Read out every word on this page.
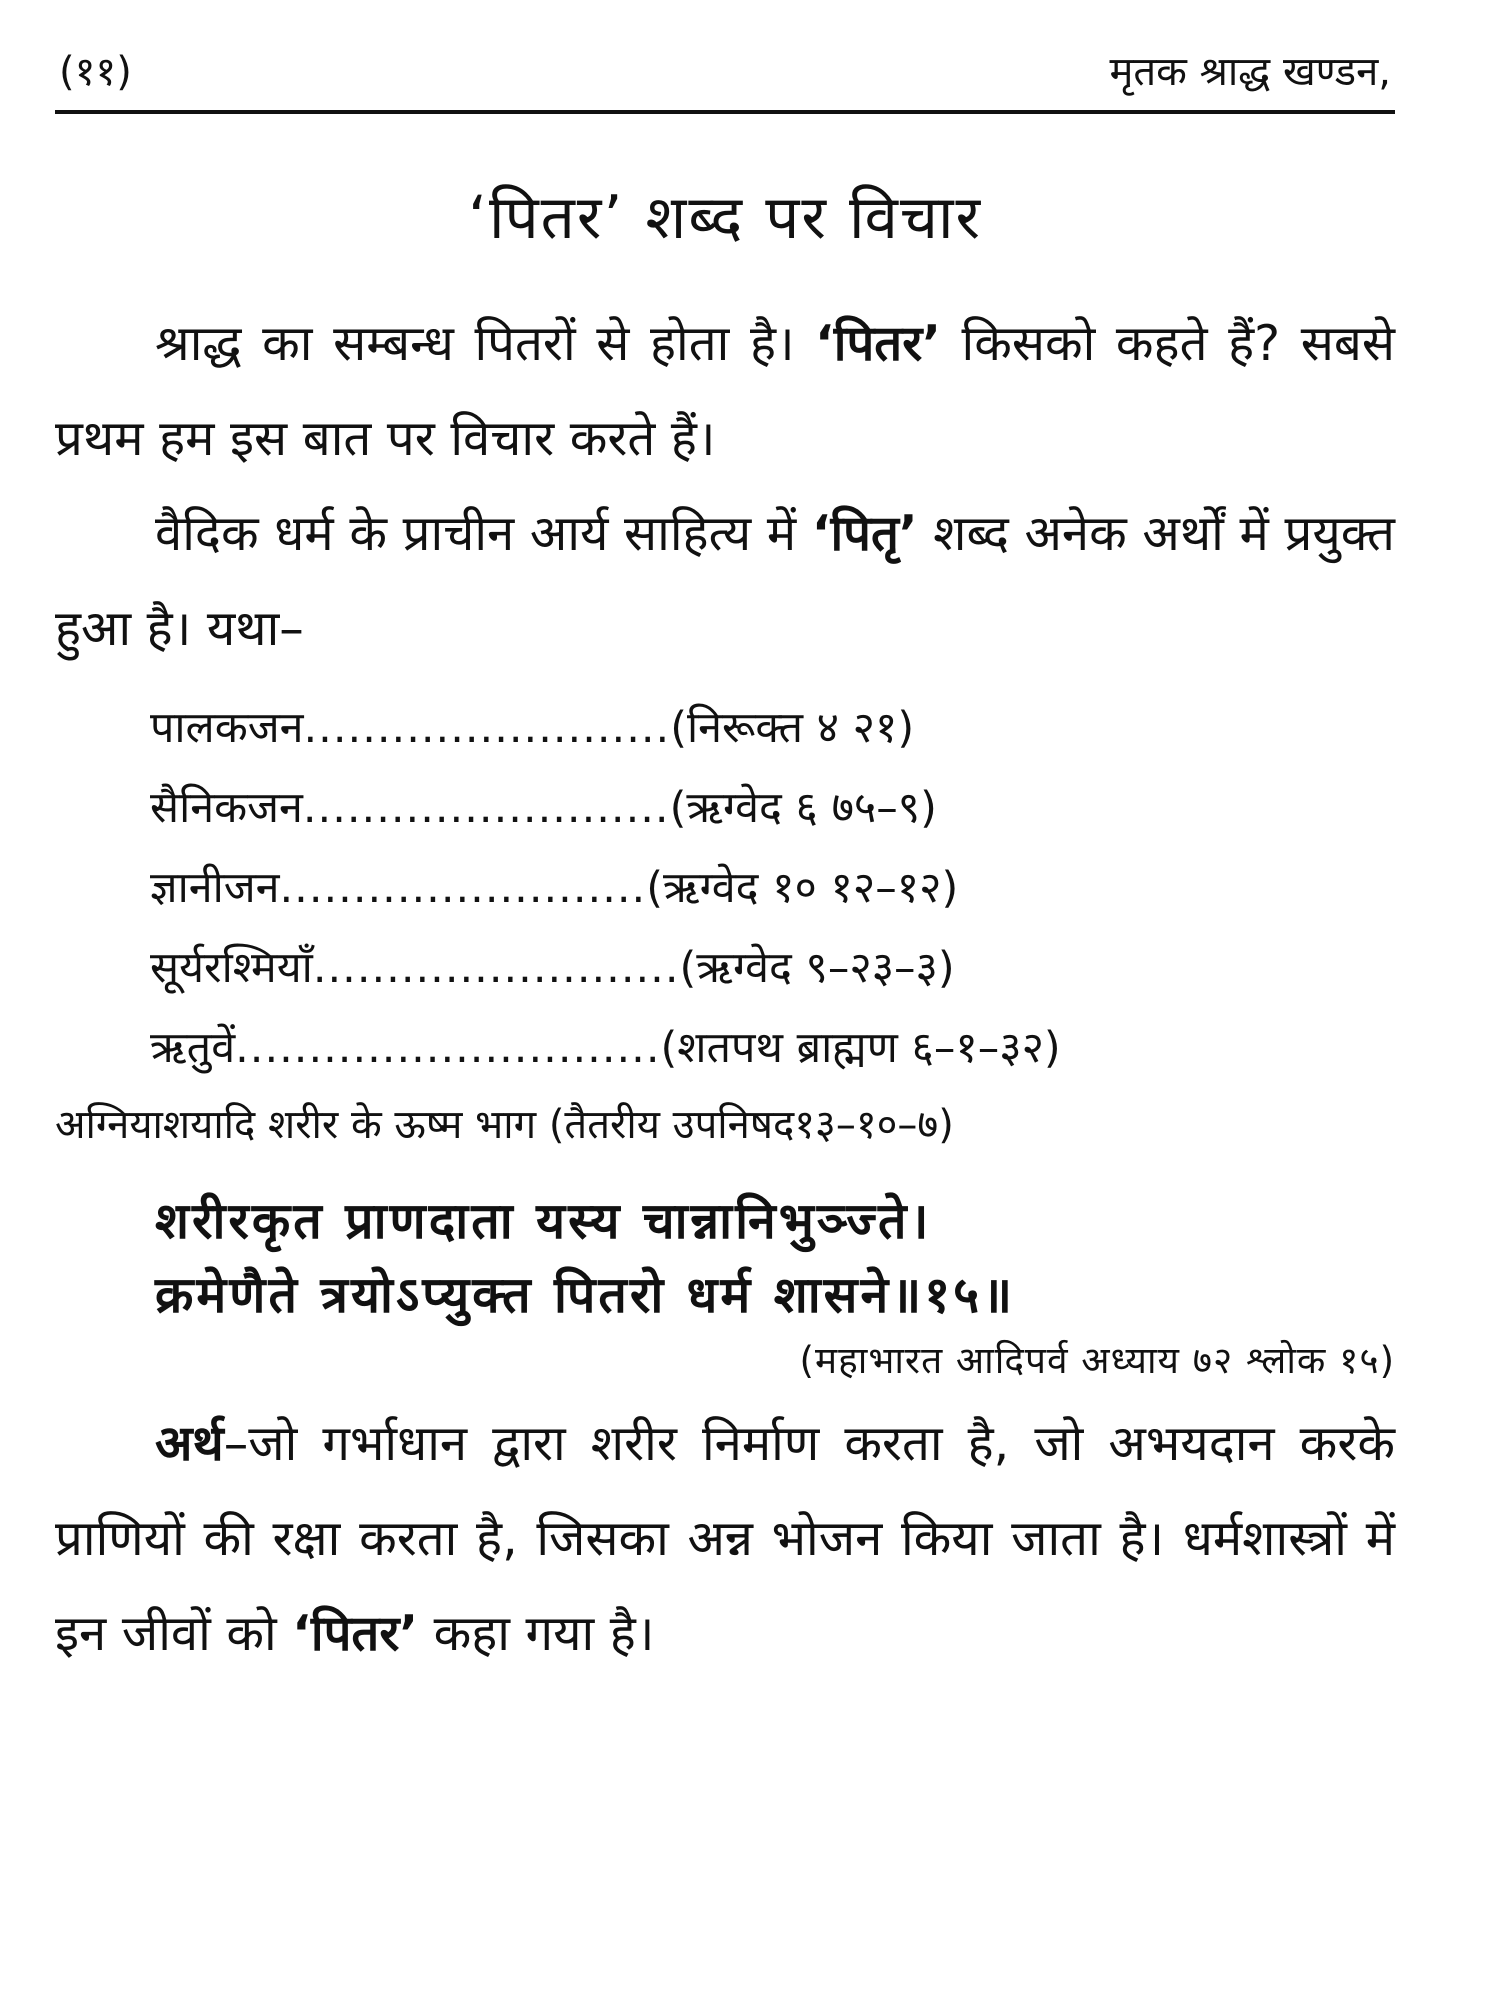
(११)	मृतक श्राद्ध खण्डन,
‘पितर’ शब्द पर विचार

श्राद्ध का सम्बन्ध पितरों से होता है। ‘पितर’ किसको कहते हैं? सबसे प्रथम हम इस बात पर विचार करते हैं।

वैदिक धर्म के प्राचीन आर्य साहित्य में ‘पितृ’ शब्द अनेक अर्थों में प्रयुक्त हुआ है। यथा–

पालकजन ......................... (निरूक्त ४ २१)
सैनिकजन ......................... (ऋग्वेद ६ ७५–९)
ज्ञानीजन ......................... (ऋग्वेद १० १२–१२)
सूर्यरश्मियाँ ......................... (ऋग्वेद ९–२३–३)
ऋतुवें ............................. (शतपथ ब्राह्मण ६–१–३२)
अग्नियाशयादि शरीर के ऊष्म भाग (तैतरीय उपनिषद१३–१०–७)
शरीरकृत प्राणदाता यस्य चान्नानिभुञ्ज्ते।
क्रमेणैते त्रयोऽप्युक्त पितरो धर्म शासने॥१५॥
(महाभारत आदिपर्व अध्याय ७२ श्लोक १५)

अर्थ–जो गर्भाधान द्वारा शरीर निर्माण करता है, जो अभयदान करके प्राणियों की रक्षा करता है, जिसका अन्न भोजन किया जाता है। धर्मशास्त्रों में इन जीवों को ‘पितर’ कहा गया है।
